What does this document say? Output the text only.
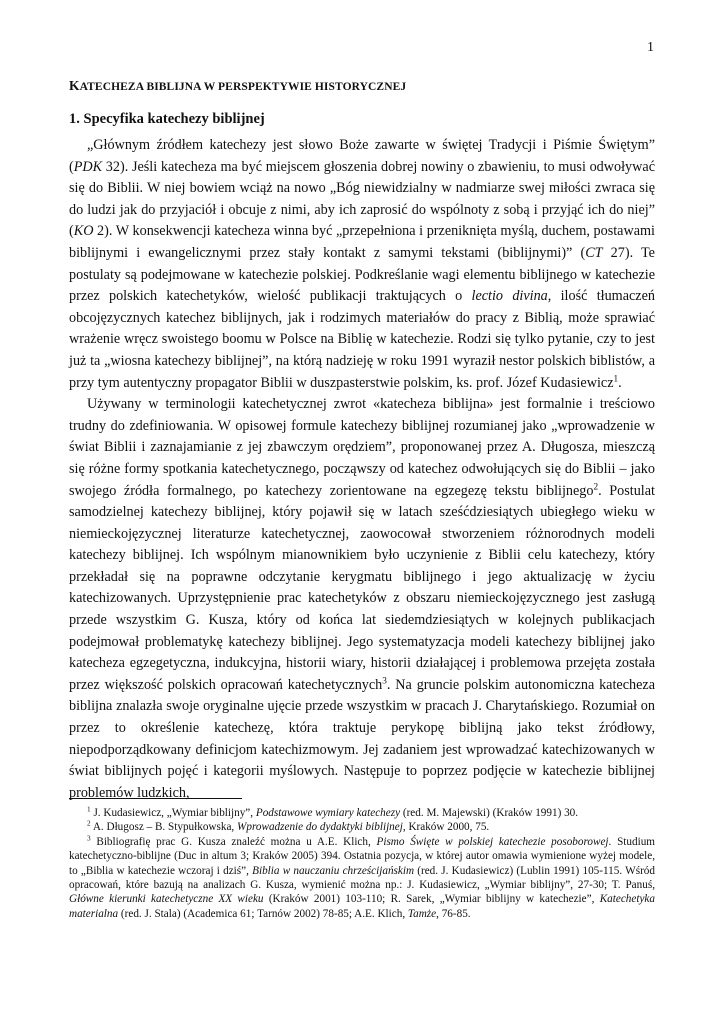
1
KATECHEZA BIBLIJNA W PERSPEKTYWIE HISTORYCZNEJ
1. Specyfika katechezy biblijnej

„Głównym źródłem katechezy jest słowo Boże zawarte w świętej Tradycji i Piśmie Świętym” (PDK 32). Jeśli katecheza ma być miejscem głoszenia dobrej nowiny o zbawieniu, to musi odwoływać się do Biblii. W niej bowiem wciąż na nowo „Bóg niewidzialny w nadmiarze swej miłości zwraca się do ludzi jak do przyjaciół i obcuje z nimi, aby ich zaprosić do wspólnoty z sobą i przyjąć ich do niej” (KO 2). W konsekwencji katecheza winna być „przepełniona i przeniknięta myślą, duchem, postawami biblijnymi i ewangelicznymi przez stały kontakt z samymi tekstami (biblijnymi)” (CT 27). Te postulaty są podejmowane w katechezie polskiej. Podkreślanie wagi elementu biblijnego w katechezie przez polskich katechetyków, wielość publikacji traktujących o lectio divina, ilość tłumaczeń obcojęzycznych katechez biblijnych, jak i rodzimych materiałów do pracy z Biblią, może sprawiać wrażenie wręcz swoistego boomu w Polsce na Biblię w katechezie. Rodzi się tylko pytanie, czy to jest już ta „wiosna katechezy biblijnej”, na którą nadzieję w roku 1991 wyraził nestor polskich biblistów, a przy tym autentyczny propagator Biblii w duszpasterstwie polskim, ks. prof. Józef Kudasiewicz$^1$.

Używany w terminologii katechetycznej zwrot «katecheza biblijna» jest formalnie i treściowo trudny do zdefiniowania. W opisowej formule katechezy biblijnej rozumianej jako „wprowadzenie w świat Biblii i zaznajamianie z jej zbawczym orędziem”, proponowanej przez A. Długosza, mieszczą się różne formy spotkania katechetycznego, począwszy od katechez odwołujących się do Biblii – jako swojego źródła formalnego, po katechezy zorientowane na egzegezę tekstu biblijnego$^2$. Postulat samodzielnej katechezy biblijnej, który pojawił się w latach sześćdziesiątych ubiegłego wieku w niemieckojęzycznej literaturze katechetycznej, zaowocował stworzeniem różnorodnych modeli katechezy biblijnej. Ich wspólnym mianownikiem było uczynienie z Biblii celu katechezy, który przekładał się na poprawne odczytanie kerygmatu biblijnego i jego aktualizację w życiu katechizowanych. Uprzystępnienie prac katechetyków z obszaru niemieckojęzycznego jest zasługą przede wszystkim G. Kusza, który od końca lat siedemdziesiątych w kolejnych publikacjach podejmował problematykę katechezy biblijnej. Jego systematyzacja modeli katechezy biblijnej jako katecheza egzegetyczna, indukcyjna, historii wiary, historii działającej i problemowa przejęta została przez większość polskich opracowań katechetycznych$^3$. Na gruncie polskim autonomiczna katecheza biblijna znalazła swoje oryginalne ujęcie przede wszystkim w pracach J. Charytańskiego. Rozumiał on przez to określenie katechezę, która traktuje perykopę biblijną jako tekst źródłowy, niepodporządkowany definicjom katechizmowym. Jej zadaniem jest wprowadzać katechizowanych w świat biblijnych pojęć i kategorii myślowych. Następuje to poprzez podjęcie w katechezie biblijnej problemów ludzkich,

$^1$ J. Kudasiewicz, „Wymiar biblijny”, Podstawowe wymiary katechezy (red. M. Majewski) (Kraków 1991) 30.

$^2$ A. Długosz – B. Stypułkowska, Wprowadzenie do dydaktyki biblijnej, Kraków 2000, 75.

$^3$ Bibliografię prac G. Kusza znaleźć można u A.E. Klich, Pismo Święte w polskiej katechezie posoborowej. Studium katechetyczno-biblijne (Duc in altum 3; Kraków 2005) 394. Ostatnia pozycja, w której autor omawia wymienione wyżej modele, to „Biblia w katechezie wczoraj i dziś”, Biblia w nauczaniu chrześcijańskim (red. J. Kudasiewicz) (Lublin 1991) 105-115. Wśród opracowań, które bazują na analizach G. Kusza, wymienić można np.: J. Kudasiewicz, „Wymiar biblijny”, 27-30; T. Panuś, Główne kierunki katechetyczne XX wieku (Kraków 2001) 103-110; R. Sarek, „Wymiar biblijny w katechezie”, Katechetyka materialna (red. J. Stala) (Academica 61; Tarnów 2002) 78-85; A.E. Klich, Tamże, 76-85.
